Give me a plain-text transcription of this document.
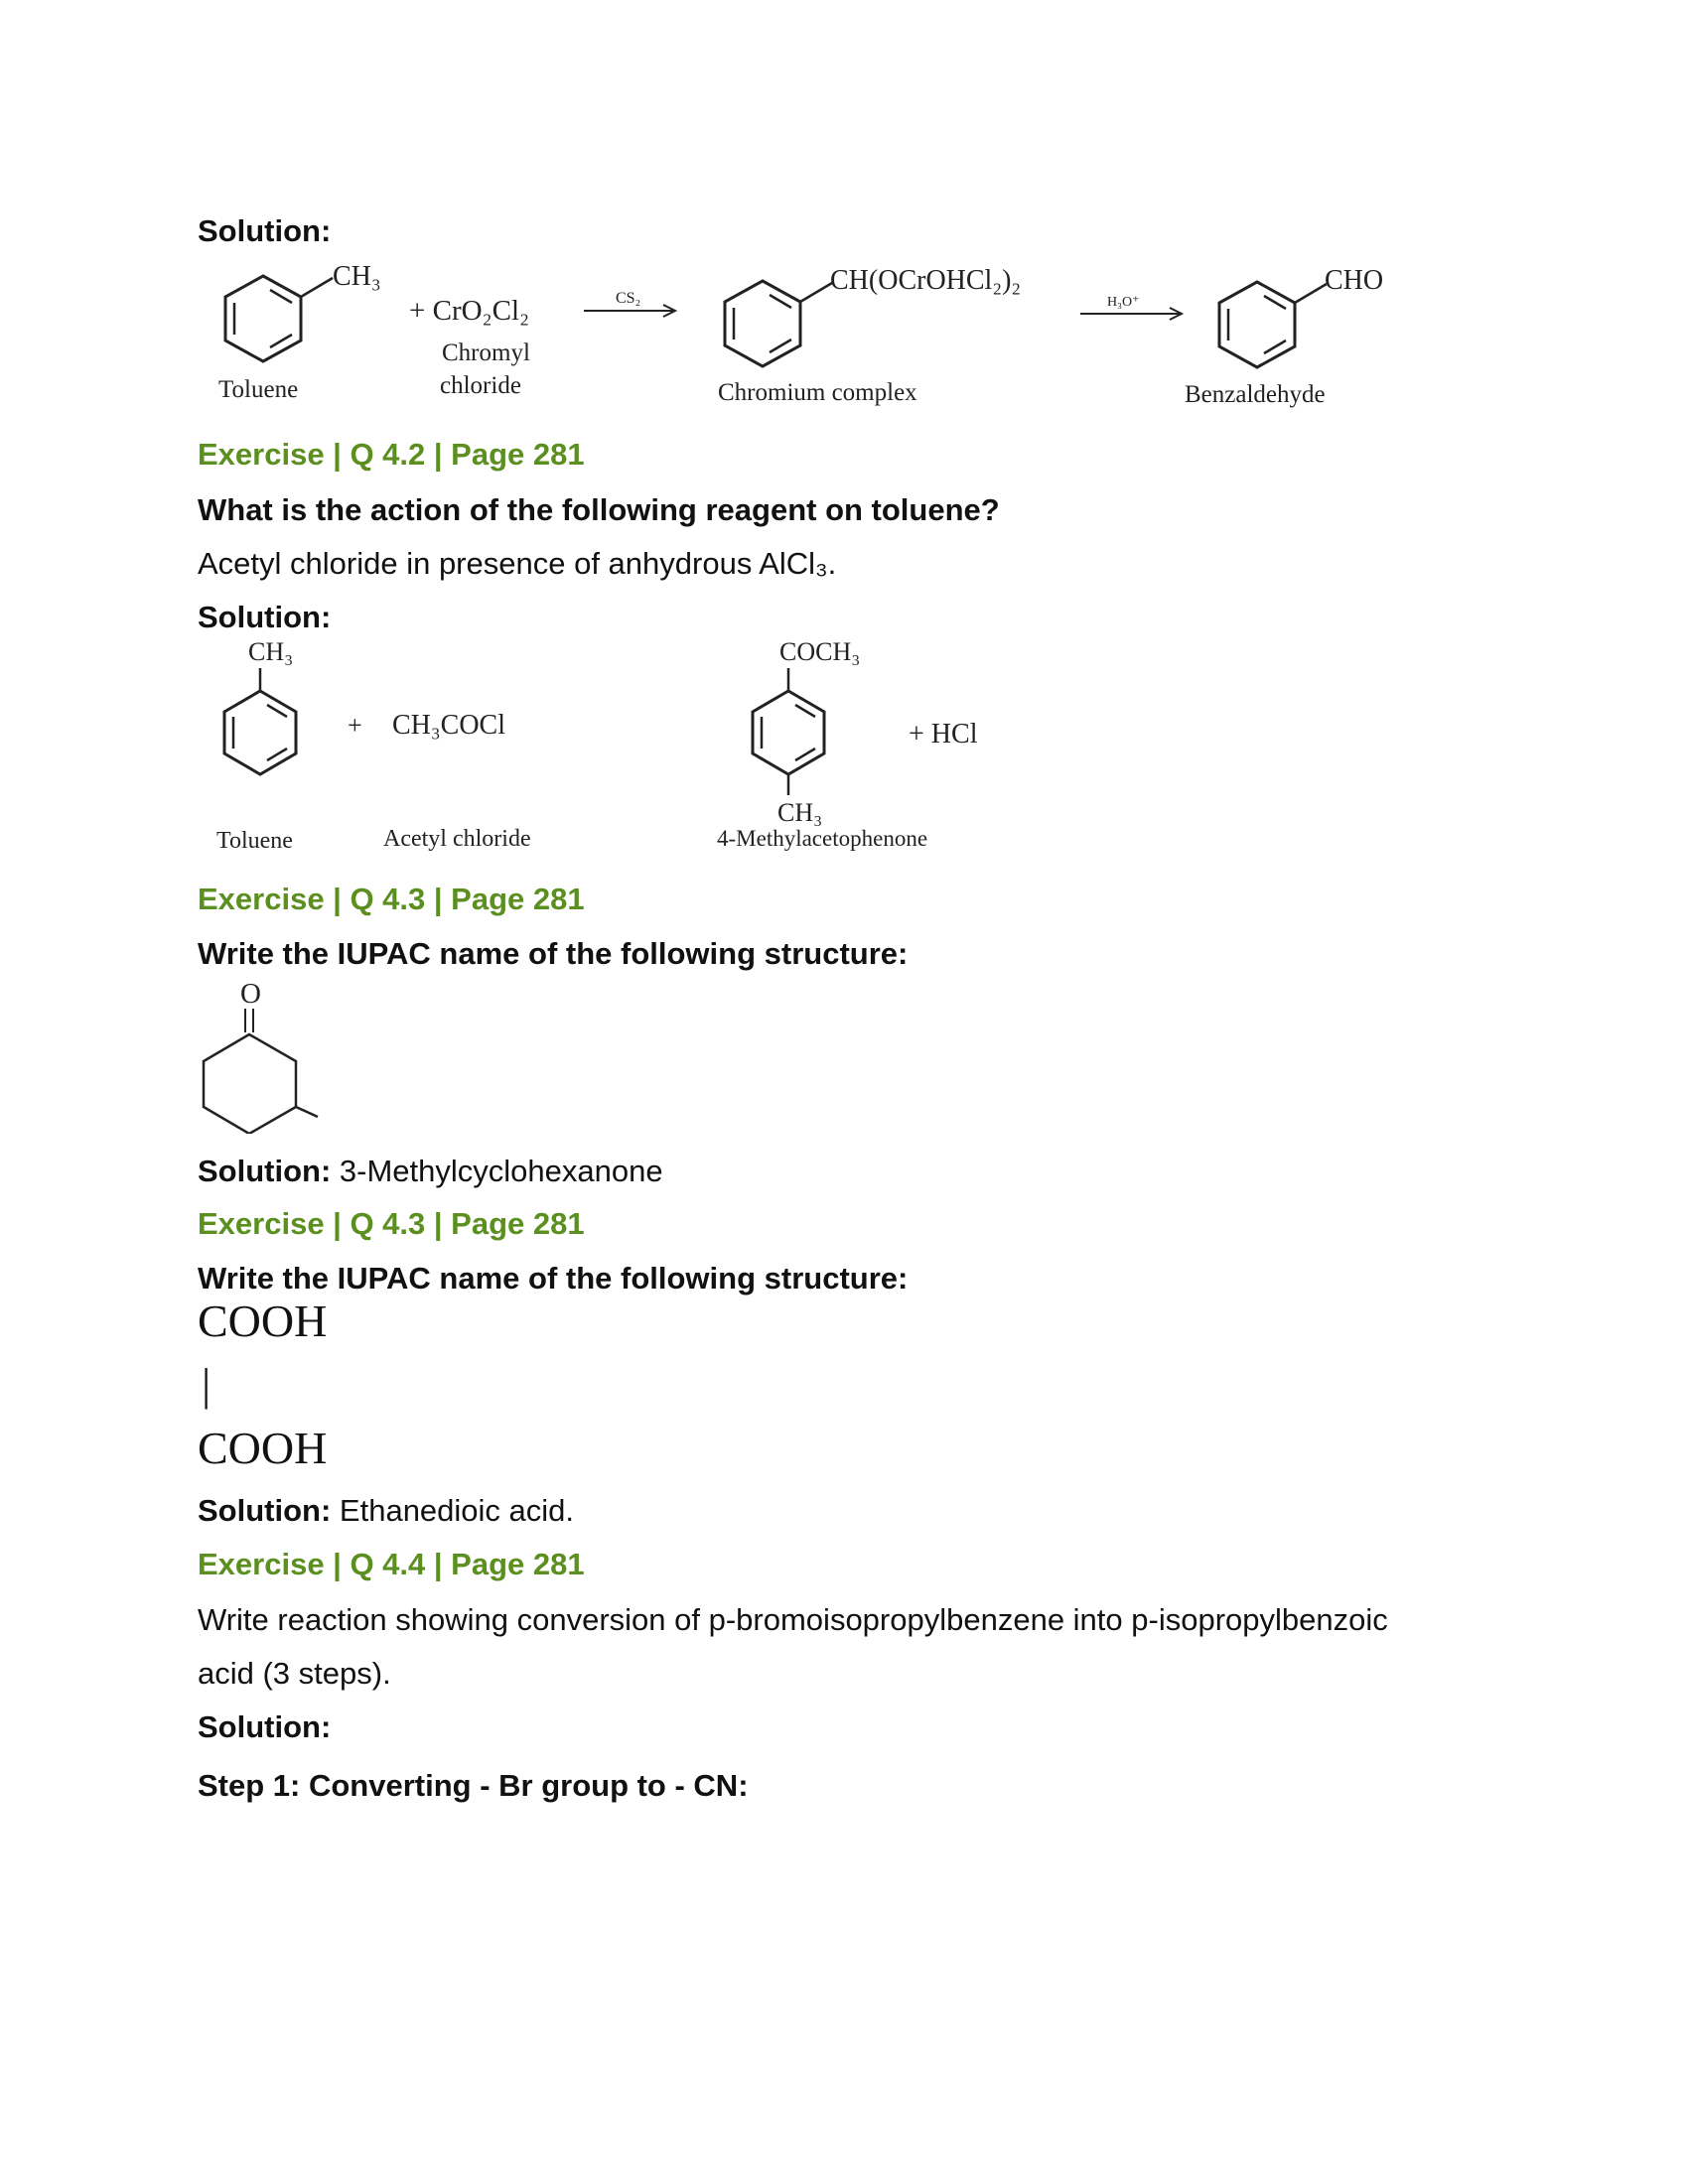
Solution:
CH₃
Toluene
+ CrO₂Cl₂
Chromyl
chloride
CS₂
CH(OCrOHCl₂)₂
Chromium complex
H₃O⁺
CHO
Benzaldehyde
Exercise | Q 4.2 | Page 281
What is the action of the following reagent on toluene?
Acetyl chloride in presence of anhydrous AlCl₃.
Solution:
CH₃
+ CH₃COCl
COCH₃
CH₃
+ HCl
Toluene	Acetyl chloride	4-Methylacetophenone
Exercise | Q 4.3 | Page 281
Write the IUPAC name of the following structure:
O
Solution: 3-Methylcyclohexanone
Exercise | Q 4.3 | Page 281
Write the IUPAC name of the following structure:
COOH
|
COOH
Solution: Ethanedioic acid.
Exercise | Q 4.4 | Page 281
Write reaction showing conversion of p-bromoisopropylbenzene into p-isopropylbenzoic
acid (3 steps).
Solution:
Step 1: Converting - Br group to - CN:
